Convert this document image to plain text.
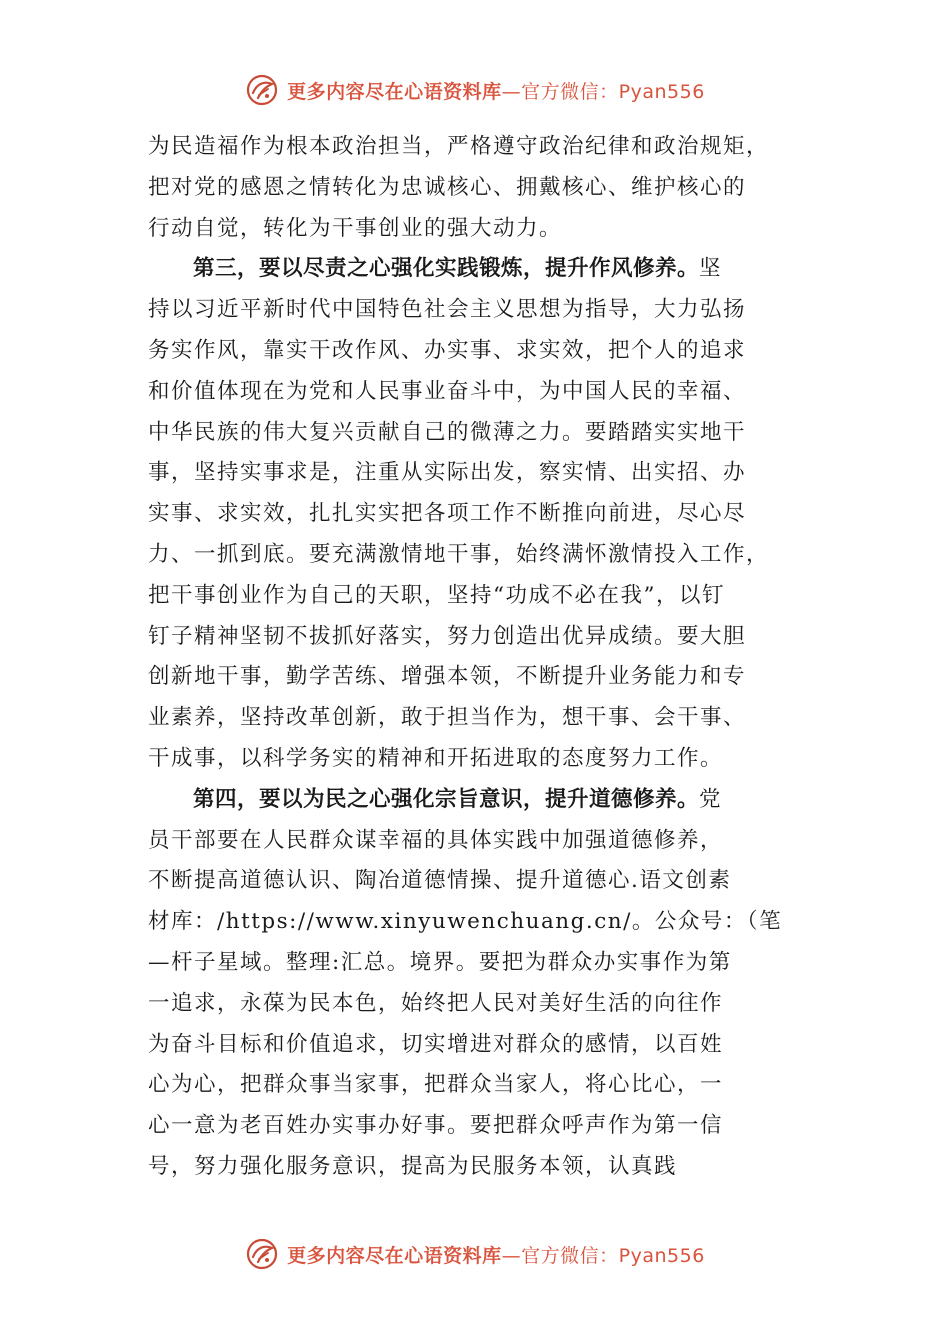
更多内容尽在心语资料库—官方微信：Pyan556
为民造福作为根本政治担当，严格遵守政治纪律和政治规矩，
把对党的感恩之情转化为忠诚核心、拥戴核心、维护核心的
行动自觉，转化为干事创业的强大动力。
第三，要以尽责之心强化实践锻炼，提升作风修养。坚
持以习近平新时代中国特色社会主义思想为指导，大力弘扬
务实作风，靠实干改作风、办实事、求实效，把个人的追求
和价值体现在为党和人民事业奋斗中，为中国人民的幸福、
中华民族的伟大复兴贡献自己的微薄之力。要踏踏实实地干
事，坚持实事求是，注重从实际出发，察实情、出实招、办
实事、求实效，扎扎实实把各项工作不断推向前进，尽心尽
力、一抓到底。要充满激情地干事，始终满怀激情投入工作，
把干事创业作为自己的天职，坚持“功成不必在我”，以钉
钉子精神坚韧不拔抓好落实，努力创造出优异成绩。要大胆
创新地干事，勤学苦练、增强本领，不断提升业务能力和专
业素养，坚持改革创新，敢于担当作为，想干事、会干事、
干成事，以科学务实的精神和开拓进取的态度努力工作。
第四，要以为民之心强化宗旨意识，提升道德修养。党
员干部要在人民群众谋幸福的具体实践中加强道德修养，
不断提高道德认识、陶冶道德情操、提升道德心.语文创素
材库：/https://www.xinyuwenchuang.cn/。公众号：（笔
—杆子星域。整理:汇总。境界。要把为群众办实事作为第
一追求，永葆为民本色，始终把人民对美好生活的向往作
为奋斗目标和价值追求，切实增进对群众的感情，以百姓
心为心，把群众事当家事，把群众当家人，将心比心，一
心一意为老百姓办实事办好事。要把群众呼声作为第一信
号，努力强化服务意识，提高为民服务本领，认真践
更多内容尽在心语资料库—官方微信：Pyan556
